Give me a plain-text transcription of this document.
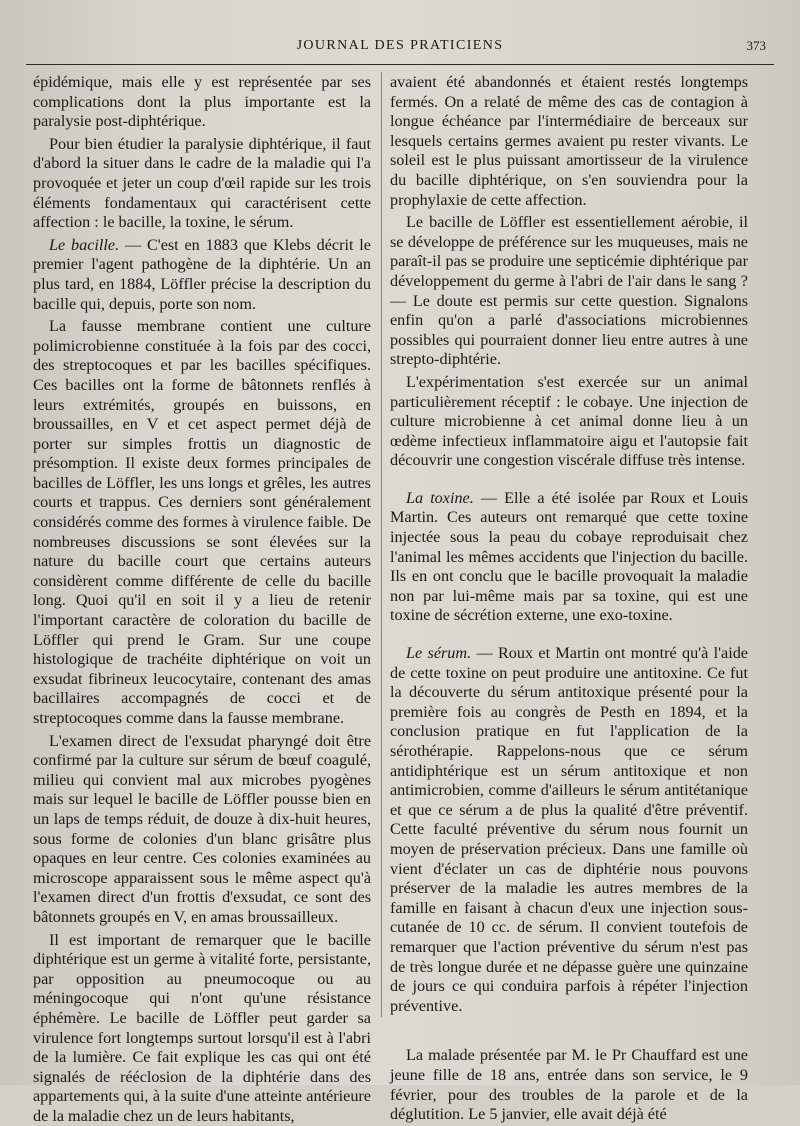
JOURNAL DES PRATICIENS	373

épidémique, mais elle y est représentée par ses complications dont la plus importante est la paralysie post-diphtérique.

Pour bien étudier la paralysie diphtérique, il faut d'abord la situer dans le cadre de la maladie qui l'a provoquée et jeter un coup d'œil rapide sur les trois éléments fondamentaux qui caractérisent cette affection : le bacille, la toxine, le sérum.

Le bacille. — C'est en 1883 que Klebs décrit le premier l'agent pathogène de la diphtérie. Un an plus tard, en 1884, Löffler précise la description du bacille qui, depuis, porte son nom.

La fausse membrane contient une culture polimicrobienne constituée à la fois par des cocci, des streptocoques et par les bacilles spécifiques. Ces bacilles ont la forme de bâtonnets renflés à leurs extrémités, groupés en buissons, en broussailles, en V et cet aspect permet déjà de porter sur simples frottis un diagnostic de présomption. Il existe deux formes principales de bacilles de Löffler, les uns longs et grêles, les autres courts et trappus. Ces derniers sont généralement considérés comme des formes à virulence faible. De nombreuses discussions se sont élevées sur la nature du bacille court que certains auteurs considèrent comme différente de celle du bacille long. Quoi qu'il en soit il y a lieu de retenir l'important caractère de coloration du bacille de Löffler qui prend le Gram. Sur une coupe histologique de trachéite diphtérique on voit un exsudat fibrineux leucocytaire, contenant des amas bacillaires accompagnés de cocci et de streptocoques comme dans la fausse membrane.

L'examen direct de l'exsudat pharyngé doit être confirmé par la culture sur sérum de bœuf coagulé, milieu qui convient mal aux microbes pyogènes mais sur lequel le bacille de Löffler pousse bien en un laps de temps réduit, de douze à dix-huit heures, sous forme de colonies d'un blanc grisâtre plus opaques en leur centre. Ces colonies examinées au microscope apparaissent sous le même aspect qu'à l'examen direct d'un frottis d'exsudat, ce sont des bâtonnets groupés en V, en amas broussailleux.

Il est important de remarquer que le bacille diphtérique est un germe à vitalité forte, persistante, par opposition au pneumocoque ou au méningocoque qui n'ont qu'une résistance éphémère. Le bacille de Löffler peut garder sa virulence fort longtemps surtout lorsqu'il est à l'abri de la lumière. Ce fait explique les cas qui ont été signalés de rééclosion de la diphtérie dans des appartements qui, à la suite d'une atteinte antérieure de la maladie chez un de leurs habitants,

avaient été abandonnés et étaient restés longtemps fermés. On a relaté de même des cas de contagion à longue échéance par l'intermédiaire de berceaux sur lesquels certains germes avaient pu rester vivants. Le soleil est le plus puissant amortisseur de la virulence du bacille diphtérique, on s'en souviendra pour la prophylaxie de cette affection.

Le bacille de Löffler est essentiellement aérobie, il se développe de préférence sur les muqueuses, mais ne paraît-il pas se produire une septicémie diphtérique par développement du germe à l'abri de l'air dans le sang ? — Le doute est permis sur cette question. Signalons enfin qu'on a parlé d'associations microbiennes possibles qui pourraient donner lieu entre autres à une strepto-diphtérie.

L'expérimentation s'est exercée sur un animal particulièrement réceptif : le cobaye. Une injection de culture microbienne à cet animal donne lieu à un œdème infectieux inflammatoire aigu et l'autopsie fait découvrir une congestion viscérale diffuse très intense.

La toxine. — Elle a été isolée par Roux et Louis Martin. Ces auteurs ont remarqué que cette toxine injectée sous la peau du cobaye reproduisait chez l'animal les mêmes accidents que l'injection du bacille. Ils en ont conclu que le bacille provoquait la maladie non par lui-même mais par sa toxine, qui est une toxine de sécrétion externe, une exo-toxine.

Le sérum. — Roux et Martin ont montré qu'à l'aide de cette toxine on peut produire une antitoxine. Ce fut la découverte du sérum antitoxique présenté pour la première fois au congrès de Pesth en 1894, et la conclusion pratique en fut l'application de la sérothérapie. Rappelons-nous que ce sérum antidiphtérique est un sérum antitoxique et non antimicrobien, comme d'ailleurs le sérum antitétanique et que ce sérum a de plus la qualité d'être préventif. Cette faculté préventive du sérum nous fournit un moyen de préservation précieux. Dans une famille où vient d'éclater un cas de diphtérie nous pouvons préserver de la maladie les autres membres de la famille en faisant à chacun d'eux une injection sous-cutanée de 10 cc. de sérum. Il convient toutefois de remarquer que l'action préventive du sérum n'est pas de très longue durée et ne dépasse guère une quinzaine de jours ce qui conduira parfois à répéter l'injection préventive.

La malade présentée par M. le Pr Chauffard est une jeune fille de 18 ans, entrée dans son service, le 9 février, pour des troubles de la parole et de la déglutition. Le 5 janvier, elle avait déjà été
